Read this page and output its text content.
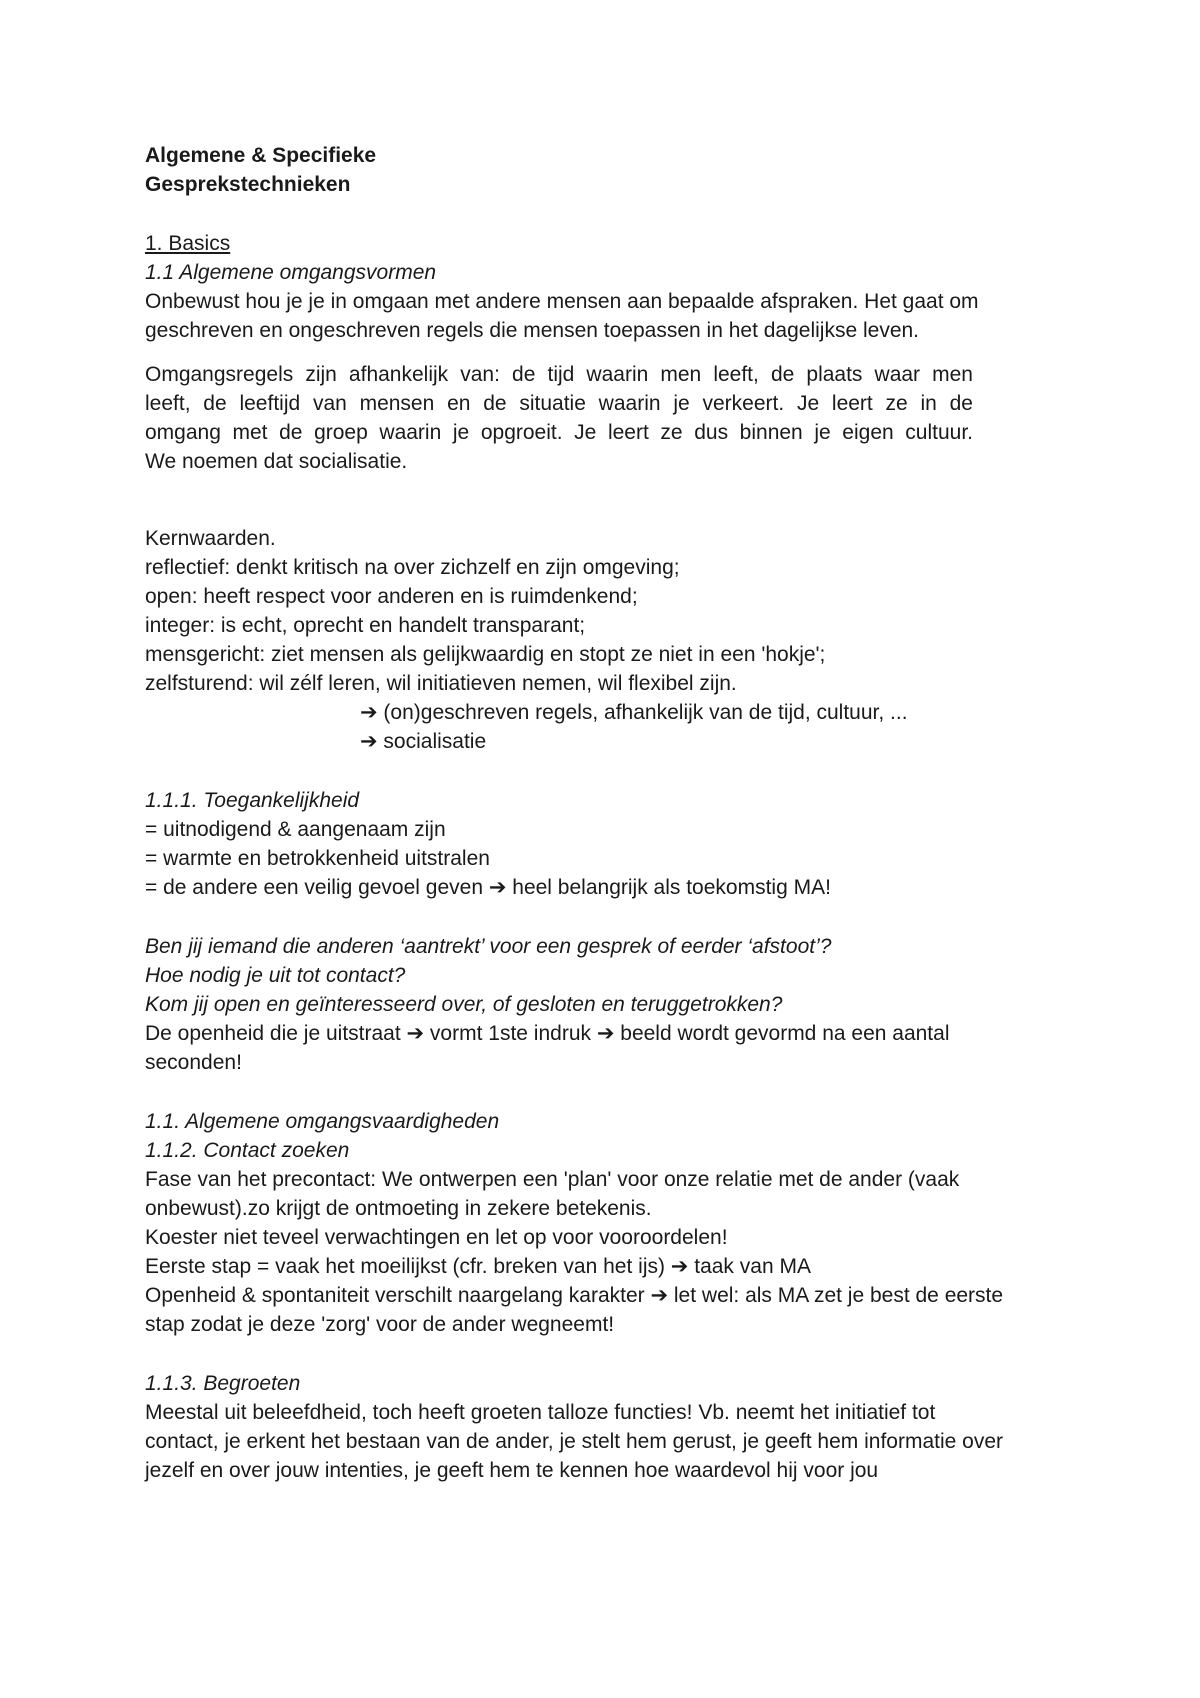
Algemene & Specifieke
Gesprekstechnieken
1. Basics
1.1 Algemene omgangsvormen
Onbewust hou je je in omgaan met andere mensen aan bepaalde afspraken. Het gaat om
geschreven en ongeschreven regels die mensen toepassen in het dagelijkse leven.
Omgangsregels zijn afhankelijk van: de tijd waarin men leeft, de plaats waar men
leeft, de leeftijd van mensen en de situatie waarin je verkeert. Je leert ze in de
omgang met de groep waarin je opgroeit. Je leert ze dus binnen je eigen cultuur.
We noemen dat socialisatie.
Kernwaarden.
reflectief: denkt kritisch na over zichzelf en zijn omgeving;
open: heeft respect voor anderen en is ruimdenkend;
integer: is echt, oprecht en handelt transparant;
mensgericht: ziet mensen als gelijkwaardig en stopt ze niet in een 'hokje';
zelfsturend: wil zélf leren, wil initiatieven nemen, wil flexibel zijn.
➔ (on)geschreven regels, afhankelijk van de tijd, cultuur, ...
➔ socialisatie
1.1.1. Toegankelijkheid
= uitnodigend & aangenaam zijn
= warmte en betrokkenheid uitstralen
= de andere een veilig gevoel geven ➔ heel belangrijk als toekomstig MA!
Ben jij iemand die anderen ‘aantrekt’ voor een gesprek of eerder ‘afstoot’?
Hoe nodig je uit tot contact?
Kom jij open en geïnteresseerd over, of gesloten en teruggetrokken?
De openheid die je uitstraat ➔ vormt 1ste indruk ➔ beeld wordt gevormd na een aantal
seconden!
1.1. Algemene omgangsvaardigheden
1.1.2. Contact zoeken
Fase van het precontact: We ontwerpen een 'plan' voor onze relatie met de ander (vaak
onbewust).zo krijgt de ontmoeting in zekere betekenis.
Koester niet teveel verwachtingen en let op voor vooroordelen!
Eerste stap = vaak het moeilijkst (cfr. breken van het ijs) ➔ taak van MA
Openheid & spontaniteit verschilt naargelang karakter ➔ let wel: als MA zet je best de eerste
stap zodat je deze 'zorg' voor de ander wegneemt!
1.1.3. Begroeten
Meestal uit beleefdheid, toch heeft groeten talloze functies! Vb. neemt het initiatief tot
contact, je erkent het bestaan van de ander, je stelt hem gerust, je geeft hem informatie over
jezelf en over jouw intenties, je geeft hem te kennen hoe waardevol hij voor jou
